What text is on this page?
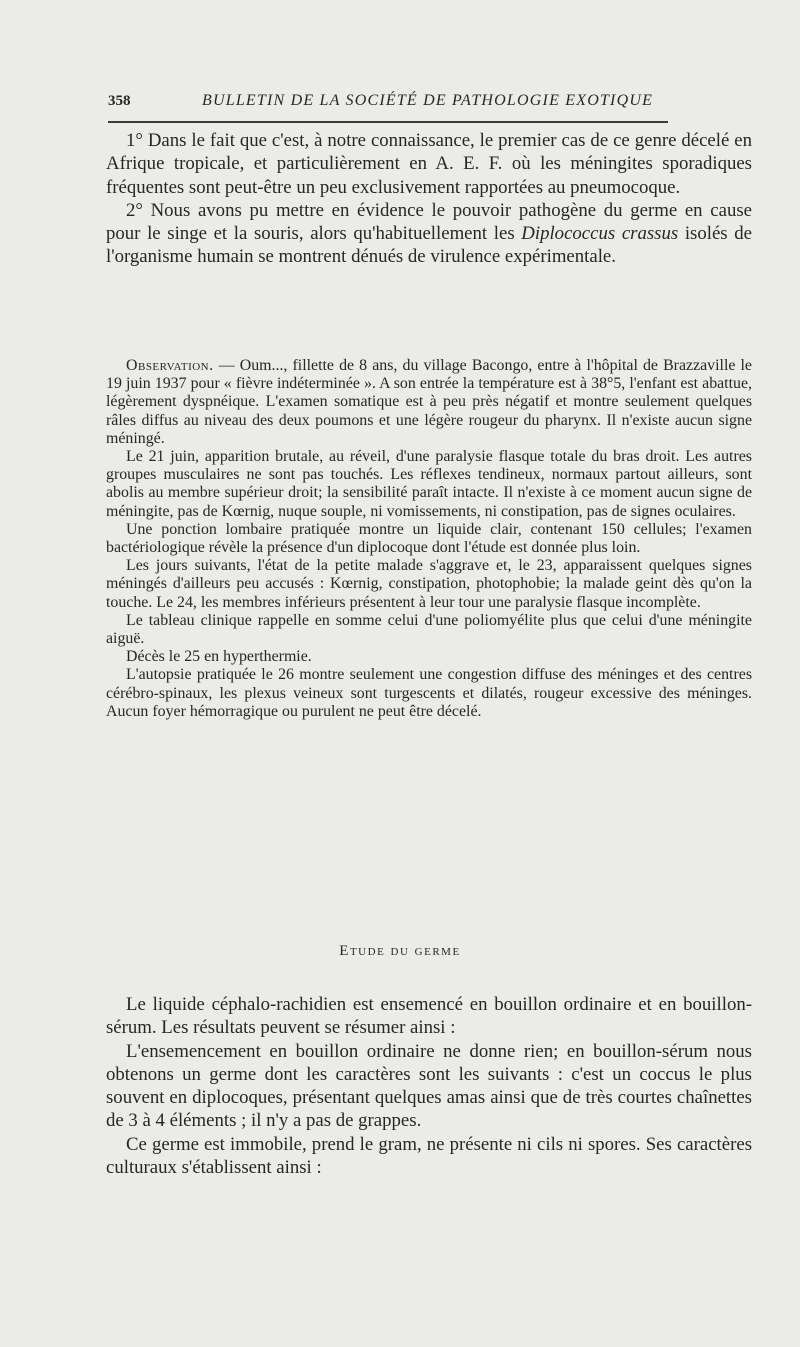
358	BULLETIN DE LA SOCIÉTÉ DE PATHOLOGIE EXOTIQUE

1° Dans le fait que c'est, à notre connaissance, le premier cas de ce genre décelé en Afrique tropicale, et particulièrement en A. E. F. où les méningites sporadiques fréquentes sont peut-être un peu exclusivement rapportées au pneumocoque.

2° Nous avons pu mettre en évidence le pouvoir pathogène du germe en cause pour le singe et la souris, alors qu'habituellement les Diplococcus crassus isolés de l'organisme humain se montrent dénués de virulence expérimentale.

Observation. — Oum..., fillette de 8 ans, du village Bacongo, entre à l'hôpital de Brazzaville le 19 juin 1937 pour « fièvre indéterminée ». A son entrée la température est à 38°5, l'enfant est abattue, légèrement dyspnéique. L'examen somatique est à peu près négatif et montre seulement quelques râles diffus au niveau des deux poumons et une légère rougeur du pharynx. Il n'existe aucun signe méningé.

Le 21 juin, apparition brutale, au réveil, d'une paralysie flasque totale du bras droit. Les autres groupes musculaires ne sont pas touchés. Les réflexes tendineux, normaux partout ailleurs, sont abolis au membre supérieur droit; la sensibilité paraît intacte. Il n'existe à ce moment aucun signe de méningite, pas de Kœrnig, nuque souple, ni vomissements, ni constipation, pas de signes oculaires.

Une ponction lombaire pratiquée montre un liquide clair, contenant 150 cellules; l'examen bactériologique révèle la présence d'un diplocoque dont l'étude est donnée plus loin.

Les jours suivants, l'état de la petite malade s'aggrave et, le 23, apparaissent quelques signes méningés d'ailleurs peu accusés : Kœrnig, constipation, photophobie; la malade geint dès qu'on la touche. Le 24, les membres inférieurs présentent à leur tour une paralysie flasque incomplète.

Le tableau clinique rappelle en somme celui d'une poliomyélite plus que celui d'une méningite aiguë.

Décès le 25 en hyperthermie.

L'autopsie pratiquée le 26 montre seulement une congestion diffuse des méninges et des centres cérébro-spinaux, les plexus veineux sont turgescents et dilatés, rougeur excessive des méninges. Aucun foyer hémorragique ou purulent ne peut être décelé.

Etude du germe

Le liquide céphalo-rachidien est ensemencé en bouillon ordinaire et en bouillon-sérum. Les résultats peuvent se résumer ainsi :

L'ensemencement en bouillon ordinaire ne donne rien; en bouillon-sérum nous obtenons un germe dont les caractères sont les suivants : c'est un coccus le plus souvent en diplocoques, présentant quelques amas ainsi que de très courtes chaînettes de 3 à 4 éléments ; il n'y a pas de grappes.

Ce germe est immobile, prend le gram, ne présente ni cils ni spores. Ses caractères culturaux s'établissent ainsi :
